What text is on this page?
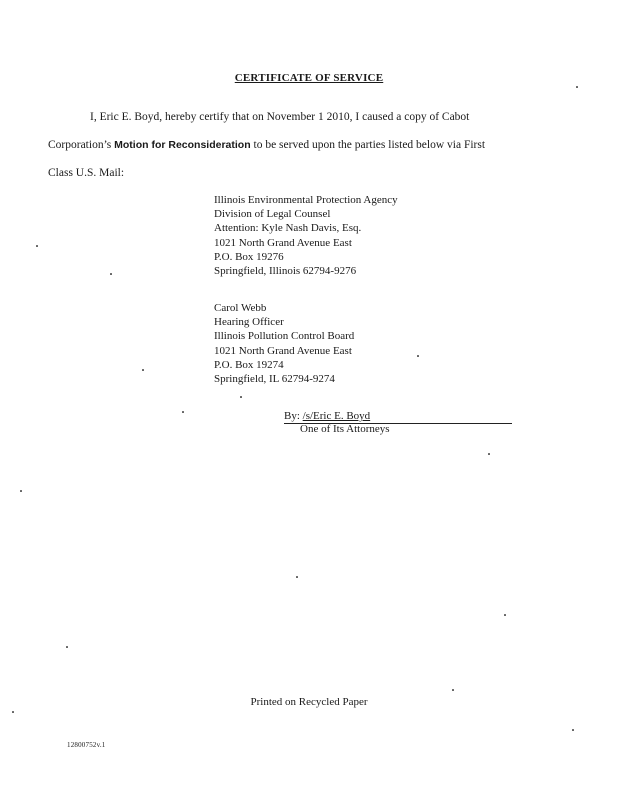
CERTIFICATE OF SERVICE
I, Eric E. Boyd, hereby certify that on November 1 2010, I caused a copy of Cabot
Corporation’s Motion for Reconsideration to be served upon the parties listed below via First
Class U.S. Mail:
Illinois Environmental Protection Agency
Division of Legal Counsel
Attention: Kyle Nash Davis, Esq.
1021 North Grand Avenue East
P.O. Box 19276
Springfield, Illinois 62794-9276
Carol Webb
Hearing Officer
Illinois Pollution Control Board
1021 North Grand Avenue East
P.O. Box 19274
Springfield, IL 62794-9274
By: /s/Eric E. Boyd
One of Its Attorneys
Printed on Recycled Paper
12800752v.1
